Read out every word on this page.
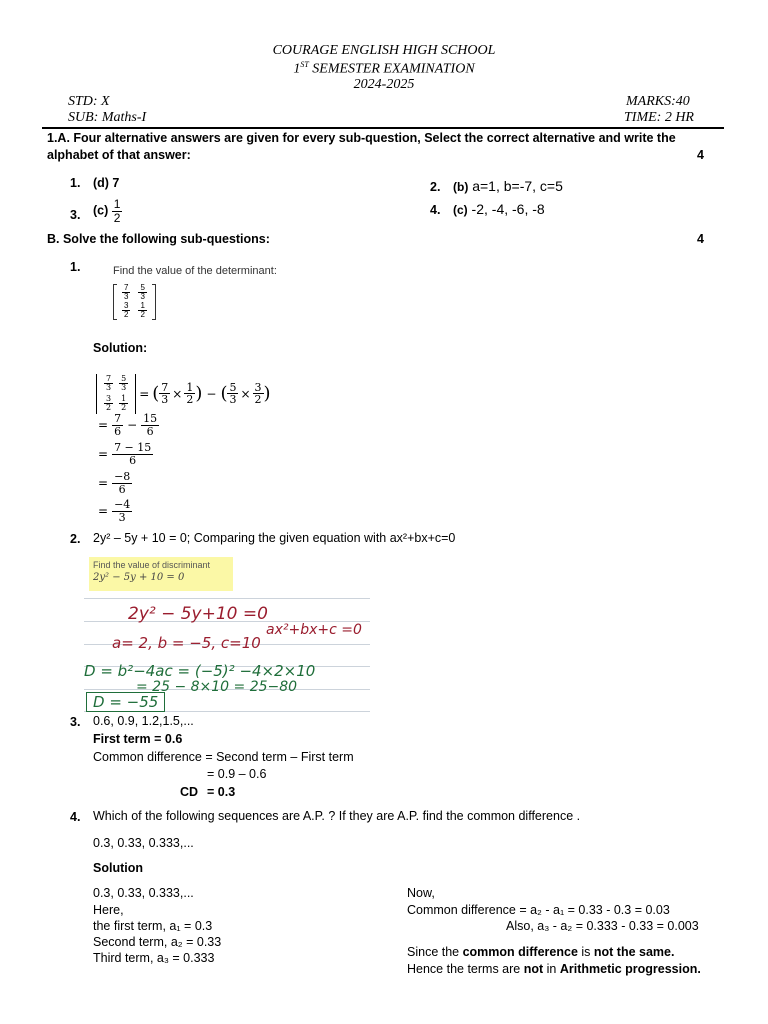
COURAGE ENGLISH HIGH SCHOOL
1ST SEMESTER EXAMINATION
2024-2025
STD: X	MARKS:40
SUB: Maths-I	TIME: 2 HR
1.A. Four alternative answers are given for every sub-question, Select the correct alternative and write the
alphabet of that answer:	4
1. (d) 7	2. (b) a=1, b=-7, c=5
3. $(c) \frac{1}{2}$	4. (c) -2, -4, -6, -8
B. Solve the following sub-questions:	4
1.	Find the value of the determinant:
$\frac{7}{3}$	$\frac{5}{3}$

$\frac{3}{2}$	$\frac{1}{2}$
Solution:
$\frac{7}{3}$	$\frac{5}{3}$

$\frac{3}{2}$	$\frac{1}{2}$
= ( $\frac{7}{3} \times \frac{1}{2}$ ) − ( $\frac{5}{3} \times \frac{3}{2}$ )
= $\frac{7}{6} - \frac{15}{6}$
= $\frac{7 - 15}{6}$
= $\frac{-8}{6}$
= $\frac{-4}{3}$
2. 2y² – 5y + 10 = 0; Comparing the given equation with ax²+bx+c=0
Find the value of discriminant
2y² − 5y + 10 = 0
2y² − 5y+10 =0
ax²+bx+c =0
a= 2, b = −5, c=10
D = b²−4ac = (−5)² −4×2×10
= 25 − 8×10 = 25−80
D = −55
3. 0.6, 0.9, 1.2,1.5,...
First term = 0.6
Common difference = Second term – First term
= 0.9 – 0.6
CD = 0.3
4. Which of the following sequences are A.P. ? If they are A.P. find the common difference .
0.3, 0.33, 0.333,...
Solution
0.3, 0.33, 0.333,...
Here,
the first term, a₁ = 0.3
Second term, a₂ = 0.33
Third term, a₃ = 0.333
Now,
Common difference = a₂ - a₁ = 0.33 - 0.3 = 0.03
Also, a₃ - a₂ = 0.333 - 0.33 = 0.003
Since the common difference is not the same.
Hence the terms are not in Arithmetic progression.
